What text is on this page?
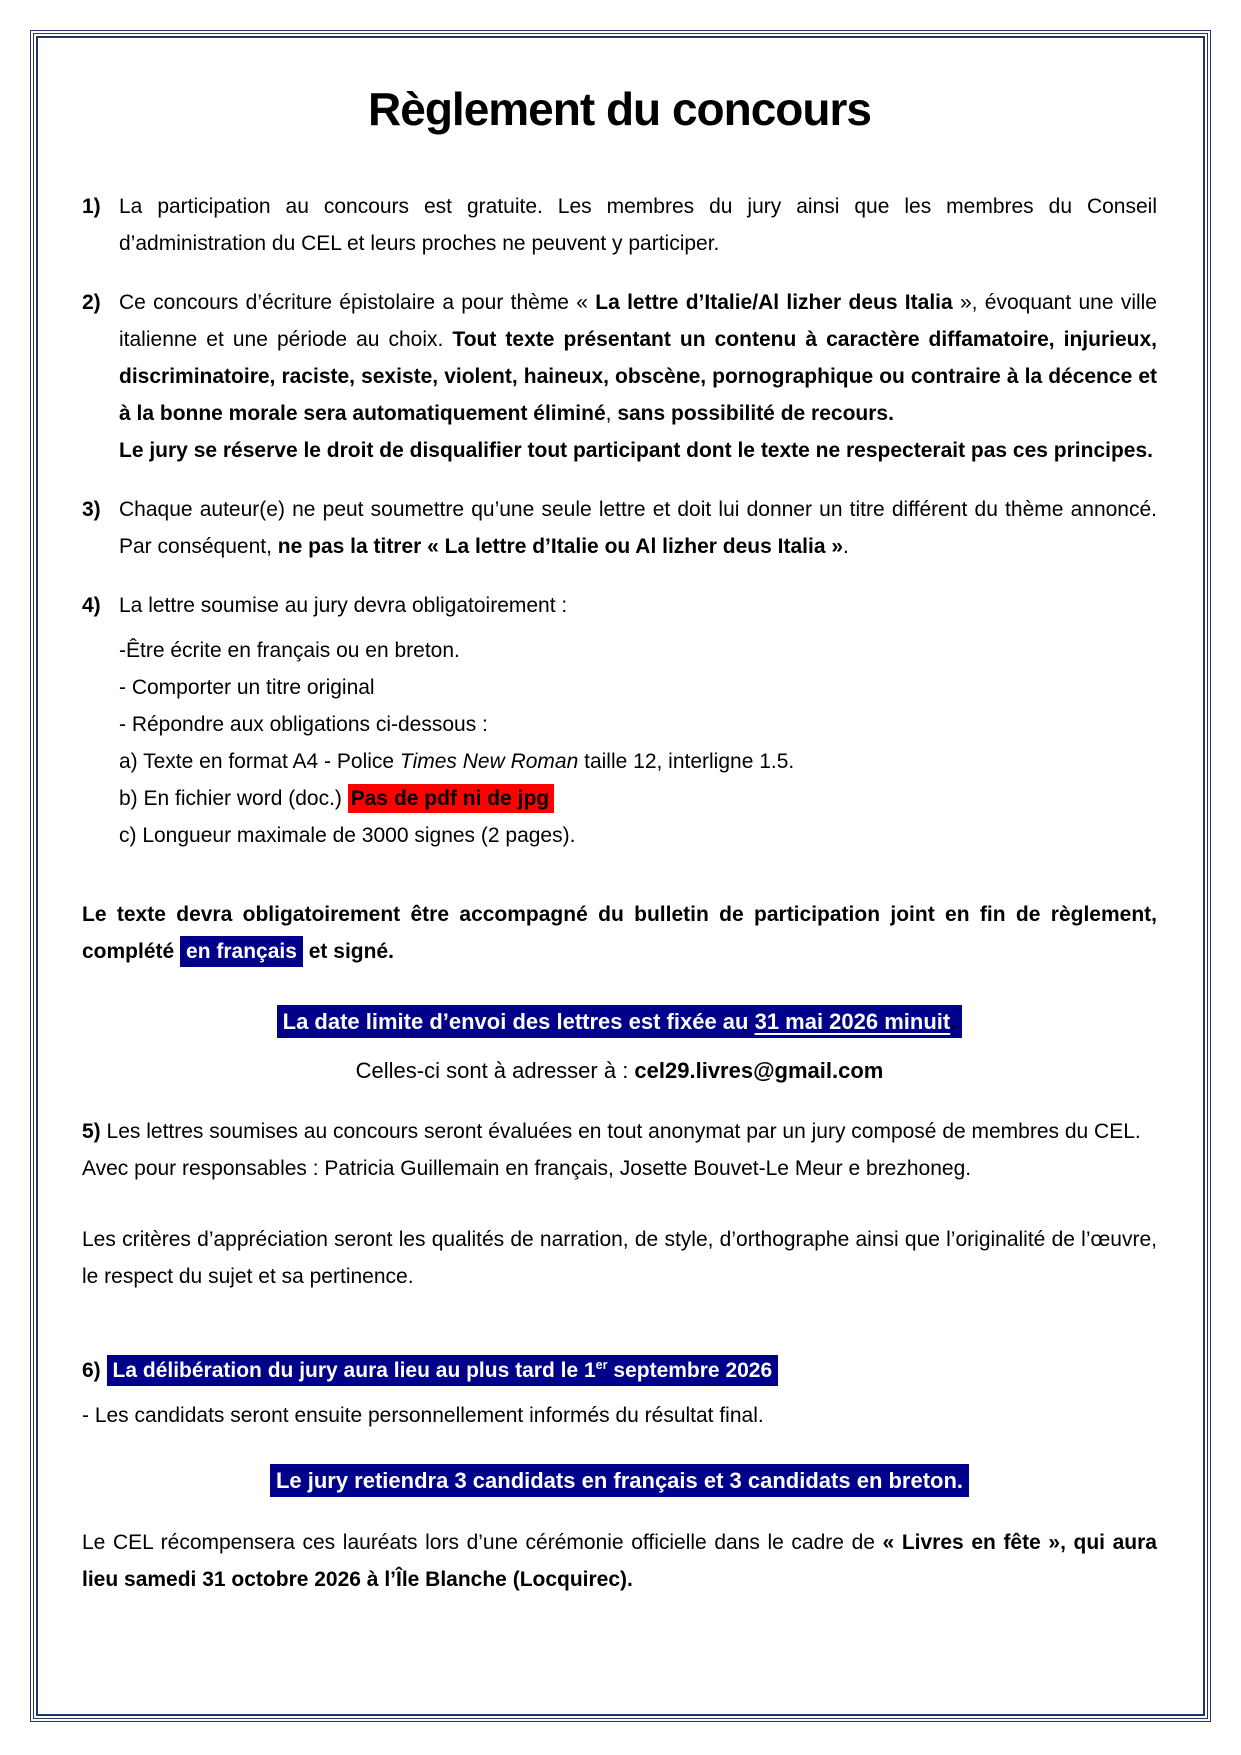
Règlement du concours
1) La participation au concours est gratuite. Les membres du jury ainsi que les membres du Conseil d’administration du CEL et leurs proches ne peuvent y participer.
2) Ce concours d’écriture épistolaire a pour thème « La lettre d’Italie/Al lizher deus Italia », évoquant une ville italienne et une période au choix. Tout texte présentant un contenu à caractère diffamatoire, injurieux, discriminatoire, raciste, sexiste, violent, haineux, obscène, pornographique ou contraire à la décence et à la bonne morale sera automatiquement éliminé, sans possibilité de recours.
Le jury se réserve le droit de disqualifier tout participant dont le texte ne respecterait pas ces principes.
3) Chaque auteur(e) ne peut soumettre qu’une seule lettre et doit lui donner un titre différent du thème annoncé. Par conséquent, ne pas la titrer « La lettre d’Italie ou Al lizher deus Italia ».
4) La lettre soumise au jury devra obligatoirement :
-Être écrite en français ou en breton.
- Comporter un titre original
- Répondre aux obligations ci-dessous :
a) Texte en format A4 - Police Times New Roman taille 12, interligne 1.5.
b) En fichier word (doc.) Pas de pdf ni de jpg
c) Longueur maximale de 3000 signes (2 pages).
Le texte devra obligatoirement être accompagné du bulletin de participation joint en fin de règlement, complété en français et signé.
La date limite d’envoi des lettres est fixée au 31 mai 2026 minuit.
Celles-ci sont à adresser à : cel29.livres@gmail.com
5) Les lettres soumises au concours seront évaluées en tout anonymat par un jury composé de membres du CEL.
Avec pour responsables : Patricia Guillemain en français, Josette Bouvet-Le Meur e brezhoneg.
Les critères d’appréciation seront les qualités de narration, de style, d’orthographe ainsi que l’originalité de l’œuvre, le respect du sujet et sa pertinence.
6) La délibération du jury aura lieu au plus tard le 1er septembre 2026
- Les candidats seront ensuite personnellement informés du résultat final.
Le jury retiendra 3 candidats en français et 3 candidats en breton.
Le CEL récompensera ces lauréats lors d’une cérémonie officielle dans le cadre de « Livres en fête », qui aura lieu samedi 31 octobre 2026 à l’Île Blanche (Locquirec).
